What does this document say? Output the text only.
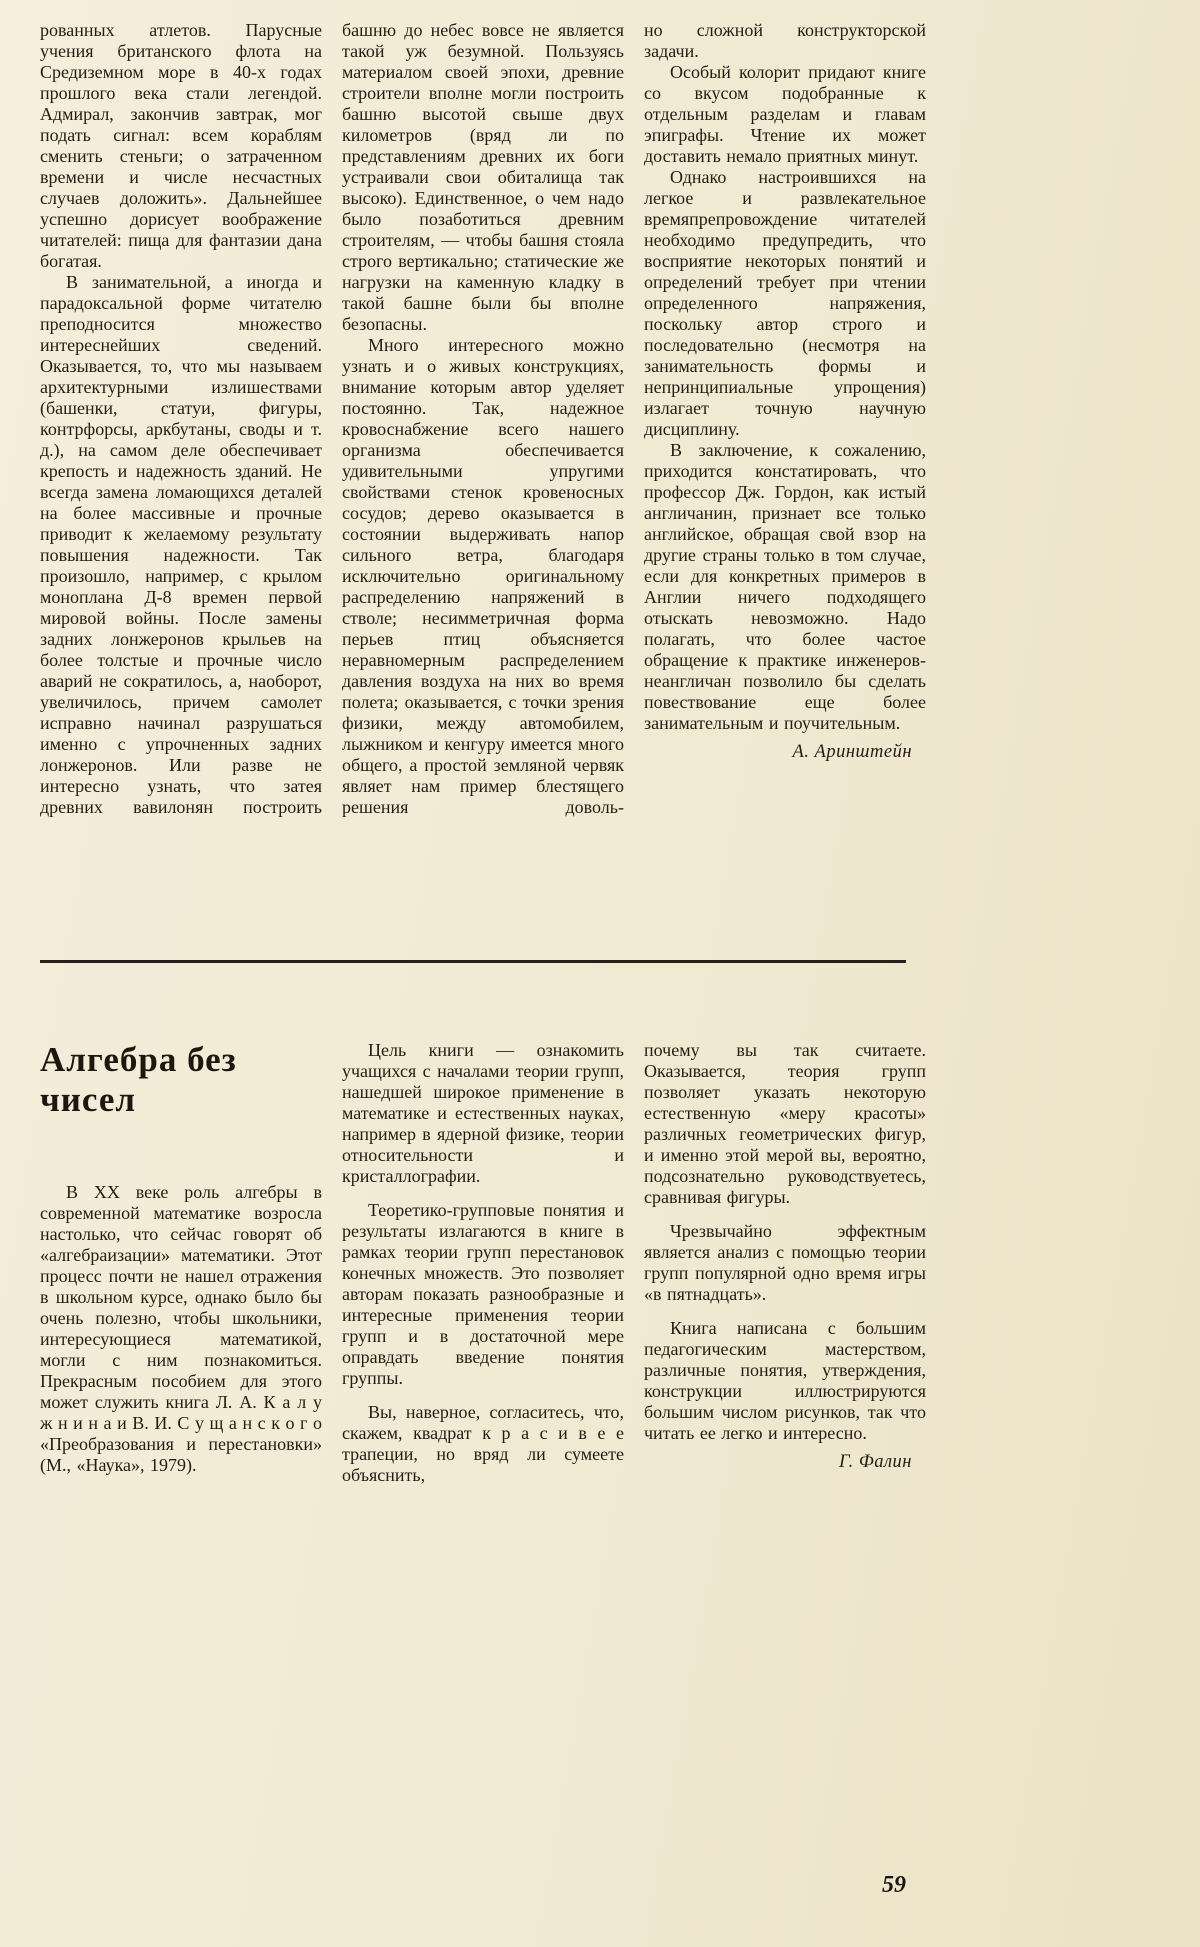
рованных атлетов. Парусные учения британского флота на Средиземном море в 40-х годах прошлого века стали легендой. Адмирал, закончив завтрак, мог подать сигнал: всем кораблям сменить стеньги; о затраченном времени и числе несчастных случаев доложить». Дальнейшее успешно дорисует воображение читателей: пища для фантазии дана богатая.

В занимательной, а иногда и парадоксальной форме читателю преподносится множество интереснейших сведений. Оказывается, то, что мы называем архитектурными излишествами (башенки, статуи, фигуры, контрфорсы, аркбутаны, своды и т. д.), на самом деле обеспечивает крепость и надежность зданий. Не всегда замена ломающихся деталей на более массивные и прочные приводит к желаемому результату повышения надежности. Так произошло, например, с крылом моноплана Д-8 времен первой мировой войны. После замены задних лонжеронов крыльев на более толстые и прочные число аварий не сократилось, а, наоборот, увеличилось, причем самолет исправно начинал разрушаться именно с упрочненных задних лонжеронов. Или разве не интересно узнать, что затея древних вавилонян построить

башню до небес вовсе не является такой уж безумной. Пользуясь материалом своей эпохи, древние строители вполне могли построить башню высотой свыше двух километров (вряд ли по представлениям древних их боги устраивали свои обиталища так высоко). Единственное, о чем надо было позаботиться древним строителям, — чтобы башня стояла строго вертикально; статические же нагрузки на каменную кладку в такой башне были бы вполне безопасны.

Много интересного можно узнать и о живых конструкциях, внимание которым автор уделяет постоянно. Так, надежное кровоснабжение всего нашего организма обеспечивается удивительными упругими свойствами стенок кровеносных сосудов; дерево оказывается в состоянии выдерживать напор сильного ветра, благодаря исключительно оригинальному распределению напряжений в стволе; несимметричная форма перьев птиц объясняется неравномерным распределением давления воздуха на них во время полета; оказывается, с точки зрения физики, между автомобилем, лыжником и кенгуру имеется много общего, а простой земляной червяк являет нам пример блестящего решения доволь-

но сложной конструкторской задачи.

Особый колорит придают книге со вкусом подобранные к отдельным разделам и главам эпиграфы. Чтение их может доставить немало приятных минут.

Однако настроившихся на легкое и развлекательное времяпрепровождение читателей необходимо предупредить, что восприятие некоторых понятий и определений требует при чтении определенного напряжения, поскольку автор строго и последовательно (несмотря на занимательность формы и непринципиальные упрощения) излагает точную научную дисциплину.

В заключение, к сожалению, приходится констатировать, что профессор Дж. Гордон, как истый англичанин, признает все только английское, обращая свой взор на другие страны только в том случае, если для конкретных примеров в Англии ничего подходящего отыскать невозможно. Надо полагать, что более частое обращение к практике инженеров-неангличан позволило бы сделать повествование еще более занимательным и поучительным.

А. Аринштейн

Алгебра без чисел

В XX веке роль алгебры в современной математике возросла настолько, что сейчас говорят об «алгебраизации» математики. Этот процесс почти не нашел отражения в школьном курсе, однако было бы очень полезно, чтобы школьники, интересующиеся математикой, могли с ним познакомиться. Прекрасным пособием для этого может служить книга Л. А. К а л у ж н и н а и В. И. С у щ а н с к о г о «Преобразования и перестановки» (М., «Наука», 1979).

Цель книги — ознакомить учащихся с началами теории групп, нашедшей широкое применение в математике и естественных науках, например в ядерной физике, теории относительности и кристаллографии.

Теоретико-групповые понятия и результаты излагаются в книге в рамках теории групп перестановок конечных множеств. Это позволяет авторам показать разнообразные и интересные применения теории групп и в достаточной мере оправдать введение понятия группы.

Вы, наверное, согласитесь, что, скажем, квадрат к р а с и в е е трапеции, но вряд ли сумеете объяснить,

почему вы так считаете. Оказывается, теория групп позволяет указать некоторую естественную «меру красоты» различных геометрических фигур, и именно этой мерой вы, вероятно, подсознательно руководствуетесь, сравнивая фигуры.

Чрезвычайно эффектным является анализ с помощью теории групп популярной одно время игры «в пятнадцать».

Книга написана с большим педагогическим мастерством, различные понятия, утверждения, конструкции иллюстрируются большим числом рисунков, так что читать ее легко и интересно.

Г. Фалин

59
